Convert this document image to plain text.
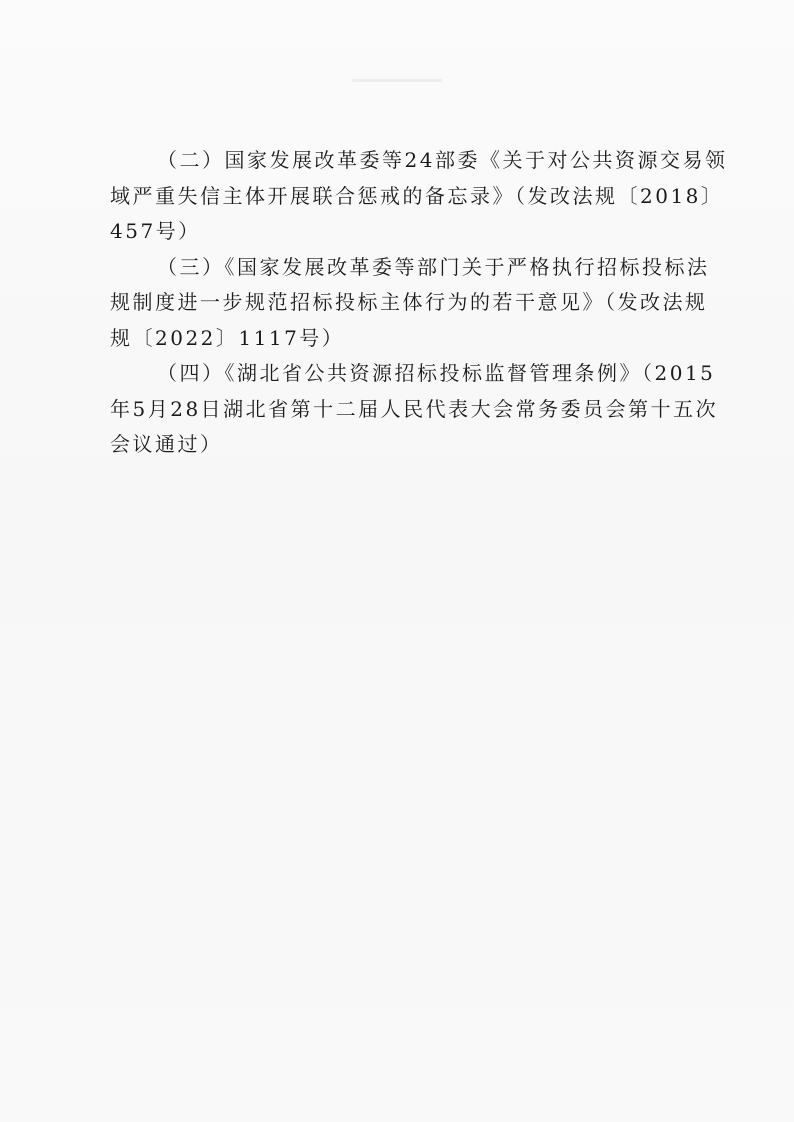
（二）国家发展改革委等24部委《关于对公共资源交易领
域严重失信主体开展联合惩戒的备忘录》（发改法规〔2018〕
457号）

（三）《国家发展改革委等部门关于严格执行招标投标法
规制度进一步规范招标投标主体行为的若干意见》（发改法规
规〔2022〕1117号）

（四）《湖北省公共资源招标投标监督管理条例》（2015
年5月28日湖北省第十二届人民代表大会常务委员会第十五次
会议通过）
